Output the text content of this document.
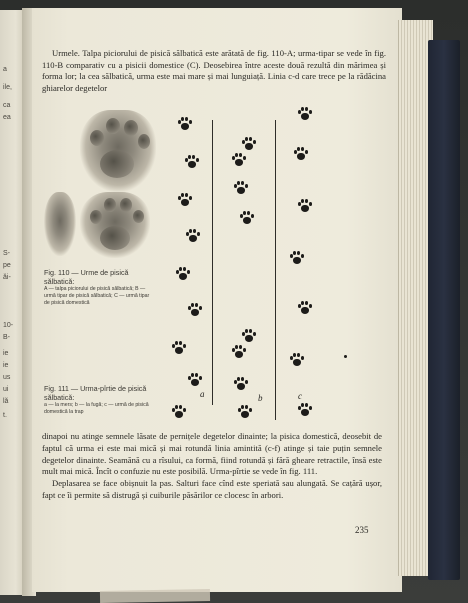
a
ile,
ca
ea
S-
pe
ăi-
10-
B-
ie
ie
us
ui
lă
t.

Urmele. Talpa piciorului de pisică sălbatică este arătată de fig. 110-A; urma-tipar se vede în fig. 110-B comparativ cu a pisicii domestice (C). Deosebirea între aceste două rezultă din mărimea și forma lor; la cea sălbatică, urma este mai mare și mai lunguiață. Linia c-d care trece pe la rădăcina ghiarelor degetelor

Fig. 110 — Urme de pisică sălbatică:
A — talpa piciorului de pisică sălbatică; B — urmă tipar de pisică sălbatică; C — urmă tipar de pisică domestică
Fig. 111 — Urma-pîrtie de pisică sălbatică:
a — la mers; b — la fugă; c — urmă de pisică domestică la trap
a	b	c

dinapoi nu atinge semnele lăsate de pernițele degetelor dinainte; la pisica domestică, deosebit de faptul că urma ei este mai mică și mai rotundă linia amintită (c-f) atinge și taie puțin semnele degetelor dinainte. Seamănă cu a rîsului, ca formă, fiind rotundă și fără gheare retractile, însă este mult mai mică. Încît o confuzie nu este posibilă. Urma-pîrtie se vede în fig. 111.

Deplasarea se face obișnuit la pas. Salturi face cînd este speriată sau alungată. Se cațără ușor, fapt ce îi permite să distrugă și cuiburile păsărilor ce clocesc în arbori.

235
